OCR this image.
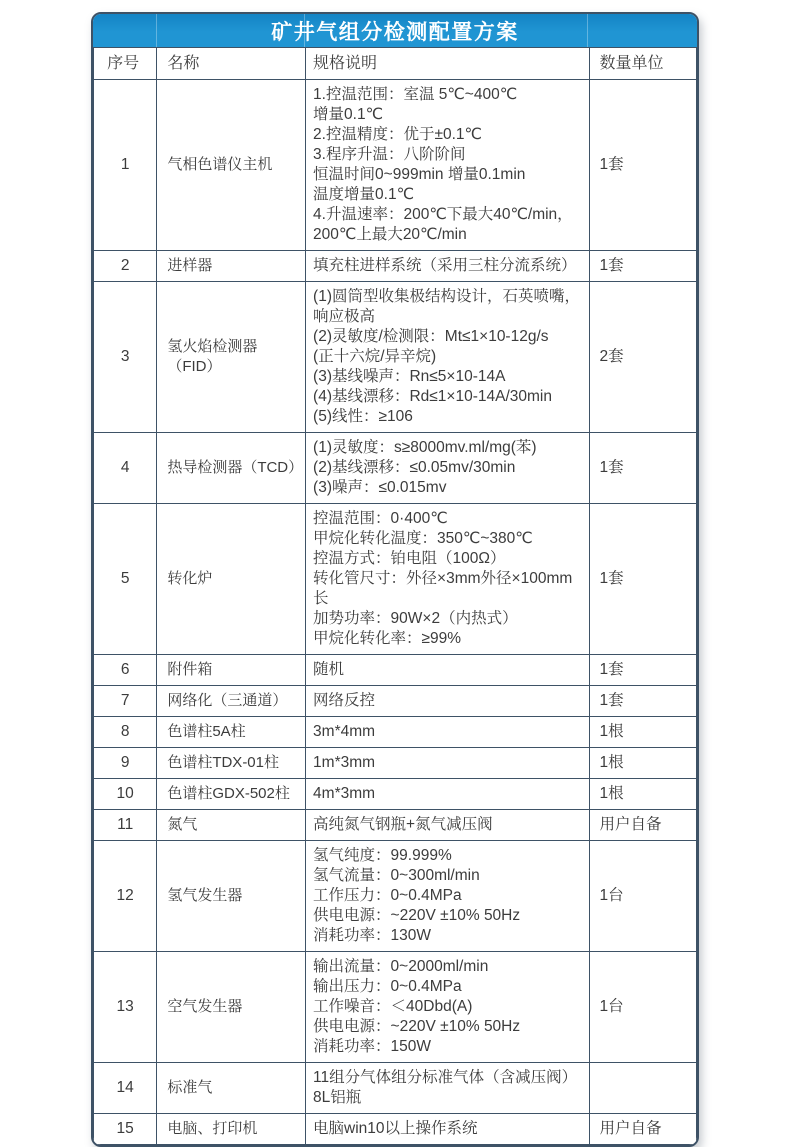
矿井气组分检测配置方案
序号	名称	规格说明	数量单位
1	气相色谱仪主机	
1.控温范围：室温 5℃~400℃
增量0.1℃
2.控温精度：优于±0.1℃
3.程序升温：八阶阶间
恒温时间0~999min 增量0.1min
温度增量0.1℃
4.升温速率：200℃下最大40℃/min，
200℃上最大20℃/min
	1套
2	进样器	填充柱进样系统（采用三柱分流系统）	1套
3	氢火焰检测器（FID）	
(1)圆筒型收集极结构设计，石英喷嘴，
响应极高
(2)灵敏度/检测限：Mt≤1×10-12g/s
(正十六烷/异辛烷)
(3)基线噪声：Rn≤5×10-14A
(4)基线漂移：Rd≤1×10-14A/30min
(5)线性：≥106
	2套
4	热导检测器（TCD）	(1)灵敏度：s≥8000mv.ml/mg(苯)
(2)基线漂移：≤0.05mv/30min
(3)噪声：≤0.015mv	1套
5	转化炉	
控温范围：0·400℃
甲烷化转化温度：350℃~380℃
控温方式：铂电阻（100Ω）
转化管尺寸：外径×3mm外径×100mm长
加势功率：90W×2（内热式）
甲烷化转化率：≥99%
	1套
6	附件箱	随机	1套
7	网络化（三通道）	网络反控	1套
8	色谱柱5A柱	3m*4mm	1根
9	色谱柱TDX-01柱	1m*3mm	1根
10	色谱柱GDX-502柱	4m*3mm	1根
11	氮气	高纯氮气钢瓶+氮气减压阀	用户自备
12	氢气发生器	氢气纯度：99.999%
氢气流量：0~300ml/min
工作压力：0~0.4MPa
供电电源：~220V ±10% 50Hz
消耗功率：130W	1台
13	空气发生器	输出流量：0~2000ml/min
输出压力：0~0.4MPa
工作噪音：＜40Dbd(A)
供电电源：~220V ±10% 50Hz
消耗功率：150W	1台
14	标准气	11组分气体组分标准气体（含减压阀）
8L铝瓶	

15	电脑、打印机	电脑win10以上操作系统	用户自备
